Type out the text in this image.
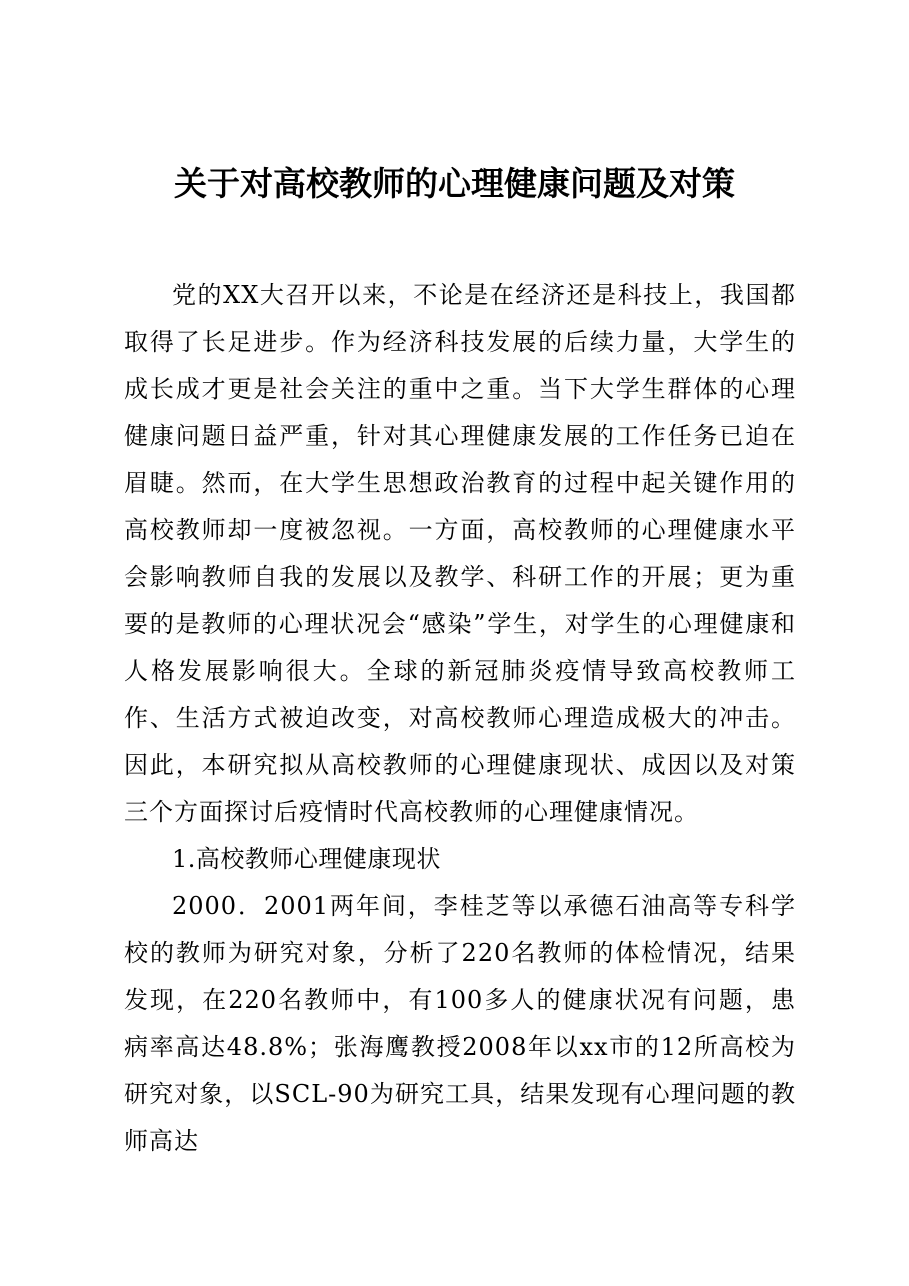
关于对高校教师的心理健康问题及对策

党的XX大召开以来，不论是在经济还是科技上，我国都取得了长足进步。作为经济科技发展的后续力量，大学生的成长成才更是社会关注的重中之重。当下大学生群体的心理健康问题日益严重，针对其心理健康发展的工作任务已迫在眉睫。然而，在大学生思想政治教育的过程中起关键作用的高校教师却一度被忽视。一方面，高校教师的心理健康水平会影响教师自我的发展以及教学、科研工作的开展；更为重要的是教师的心理状况会“感染”学生，对学生的心理健康和人格发展影响很大。全球的新冠肺炎疫情导致高校教师工作、生活方式被迫改变，对高校教师心理造成极大的冲击。因此，本研究拟从高校教师的心理健康现状、成因以及对策三个方面探讨后疫情时代高校教师的心理健康情况。

1.高校教师心理健康现状

2000．2001两年间，李桂芝等以承德石油高等专科学校的教师为研究对象，分析了220名教师的体检情况，结果发现，在220名教师中，有100多人的健康状况有问题，患病率高达48.8%；张海鹰教授2008年以xx市的12所高校为研究对象，以SCL-90为研究工具，结果发现有心理问题的教师高达
